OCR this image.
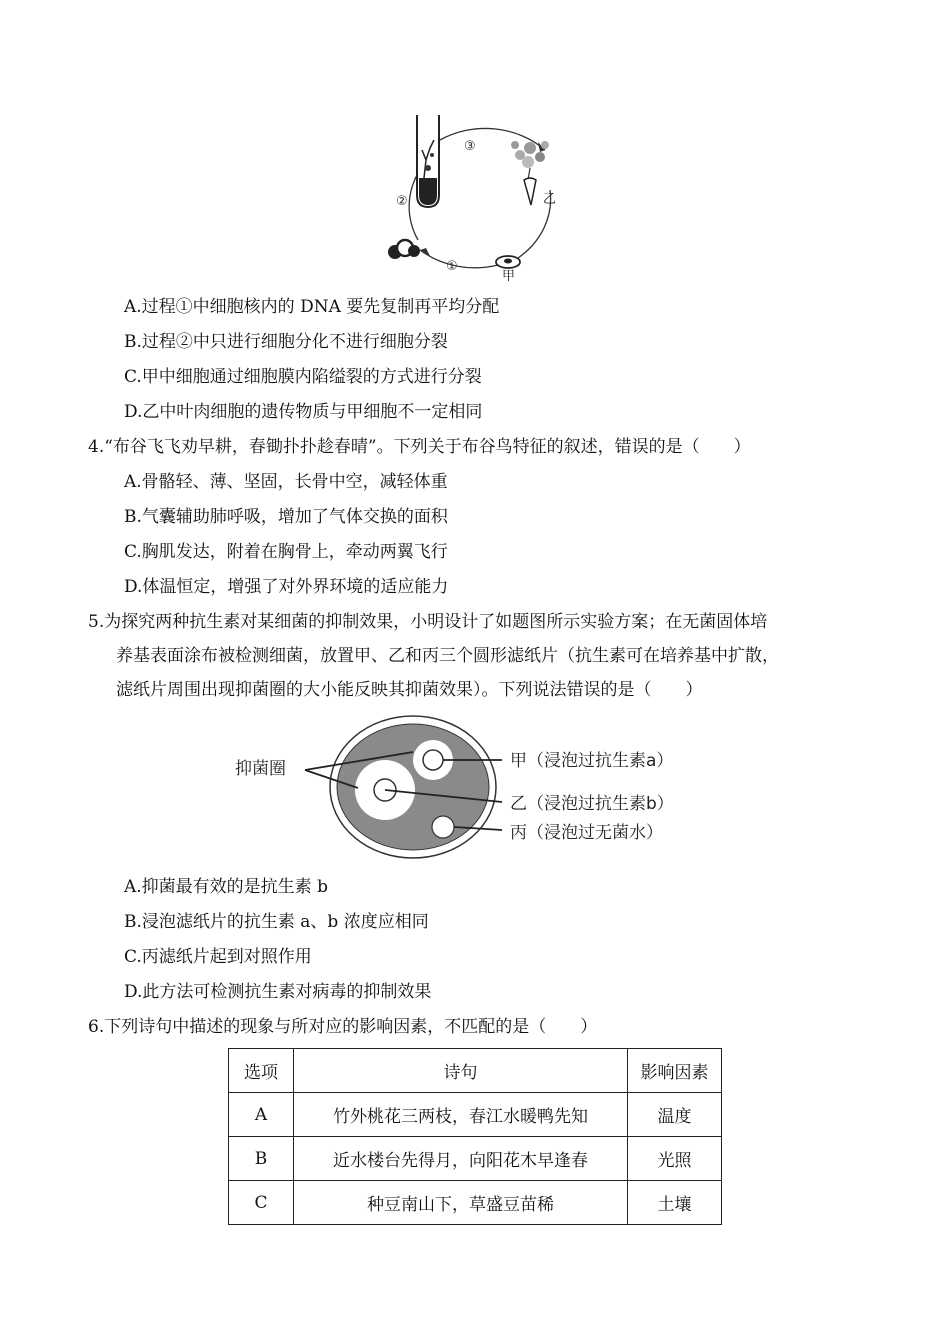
③
②
①
乙
甲
A.过程①中细胞核内的 DNA 要先复制再平均分配
B.过程②中只进行细胞分化不进行细胞分裂
C.甲中细胞通过细胞膜内陷缢裂的方式进行分裂
D.乙中叶肉细胞的遗传物质与甲细胞不一定相同
4.“布谷飞飞劝早耕，春锄扑扑趁春晴”。下列关于布谷鸟特征的叙述，错误的是（　　）
A.骨骼轻、薄、坚固，长骨中空，减轻体重
B.气囊辅助肺呼吸，增加了气体交换的面积
C.胸肌发达，附着在胸骨上，牵动两翼飞行
D.体温恒定，增强了对外界环境的适应能力
5.为探究两种抗生素对某细菌的抑制效果，小明设计了如题图所示实验方案；在无菌固体培
养基表面涂布被检测细菌，放置甲、乙和丙三个圆形滤纸片（抗生素可在培养基中扩散，
滤纸片周围出现抑菌圈的大小能反映其抑菌效果）。下列说法错误的是（　　）
抑菌圈	甲（浸泡过抗生素a）
乙（浸泡过抗生素b）
丙（浸泡过无菌水）
A.抑菌最有效的是抗生素 b
B.浸泡滤纸片的抗生素 a、b 浓度应相同
C.丙滤纸片起到对照作用
D.此方法可检测抗生素对病毒的抑制效果
6.下列诗句中描述的现象与所对应的影响因素，不匹配的是（　　）
选项	诗句	影响因素
A	竹外桃花三两枝，春江水暖鸭先知	温度
B	近水楼台先得月，向阳花木早逢春	光照
C	种豆南山下，草盛豆苗稀	土壤
